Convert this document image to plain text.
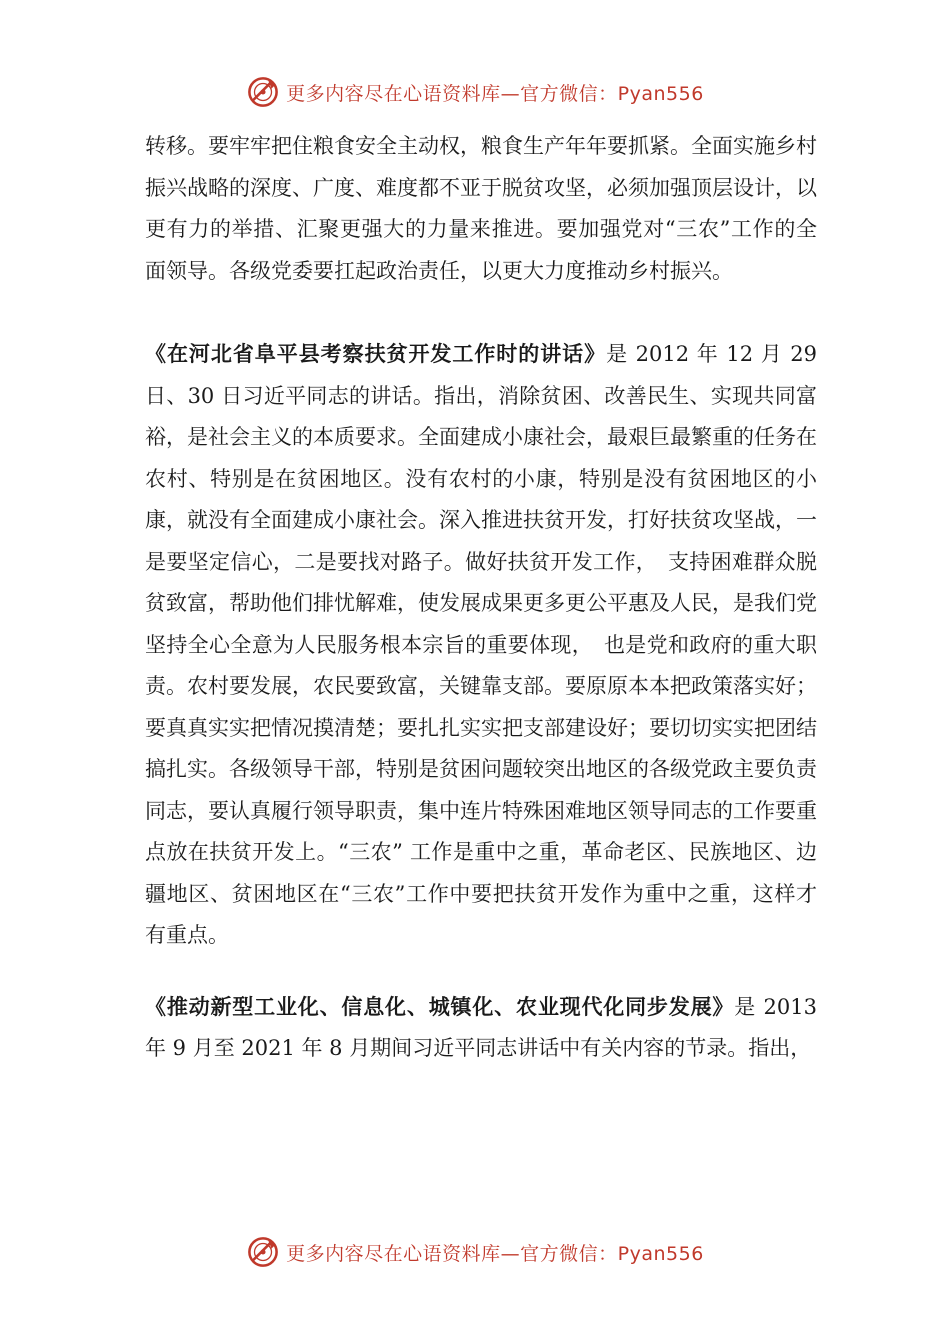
更多内容尽在心语资料库—官方微信：Pyan556

转移。要牢牢把住粮食安全主动权，粮食生产年年要抓紧。全面实施乡村振兴战略的深度、广度、难度都不亚于脱贫攻坚，必须加强顶层设计，以更有力的举措、汇聚更强大的力量来推进。要加强党对“三农”工作的全面领导。各级党委要扛起政治责任，以更大力度推动乡村振兴。

《在河北省阜平县考察扶贫开发工作时的讲话》是 2012 年 12 月 29 日、30 日习近平同志的讲话。指出，消除贫困、改善民生、实现共同富裕，是社会主义的本质要求。全面建成小康社会，最艰巨最繁重的任务在农村、特别是在贫困地区。没有农村的小康，特别是没有贫困地区的小康，就没有全面建成小康社会。深入推进扶贫开发，打好扶贫攻坚战，一是要坚定信心，二是要找对路子。做好扶贫开发工作，　支持困难群众脱贫致富，帮助他们排忧解难，使发展成果更多更公平惠及人民，是我们党坚持全心全意为人民服务根本宗旨的重要体现，　也是党和政府的重大职责。农村要发展，农民要致富，关键靠支部。要原原本本把政策落实好；要真真实实把情况摸清楚；要扎扎实实把支部建设好；要切切实实把团结搞扎实。各级领导干部，特别是贫困问题较突出地区的各级党政主要负责同志，要认真履行领导职责，集中连片特殊困难地区领导同志的工作要重点放在扶贫开发上。“三农” 工作是重中之重，革命老区、民族地区、边疆地区、贫困地区在“三农”工作中要把扶贫开发作为重中之重，这样才有重点。

《推动新型工业化、信息化、城镇化、农业现代化同步发展》是 2013 年 9 月至 2021 年 8 月期间习近平同志讲话中有关内容的节录。指出，

更多内容尽在心语资料库—官方微信：Pyan556
